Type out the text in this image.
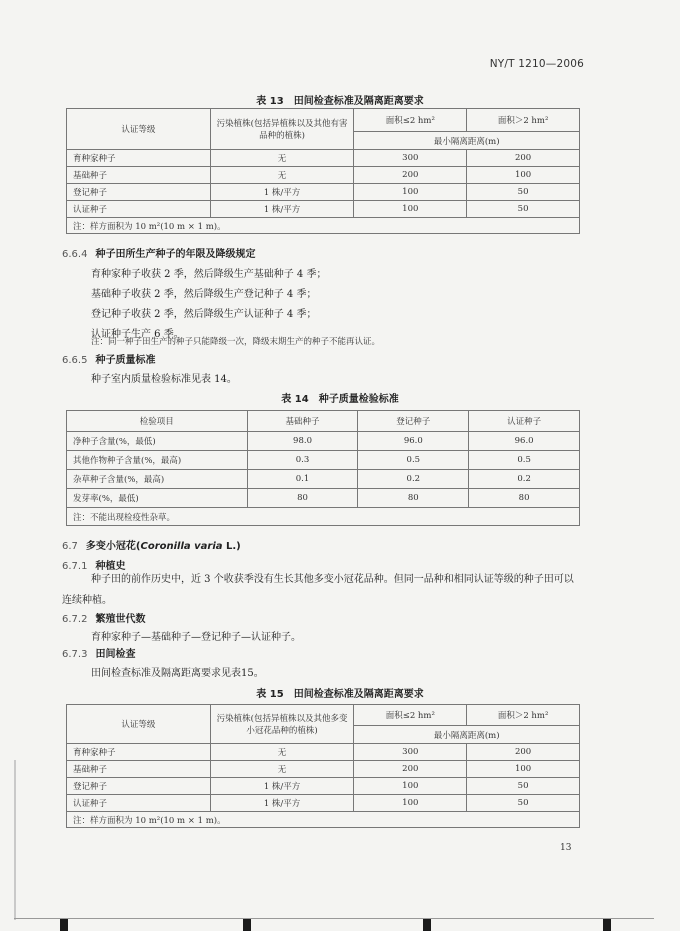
NY/T 1210—2006
表 13　田间检查标准及隔离距离要求
认证等级	污染植株(包括异植株以及其他有害品种的植株)	面积≤2 hm²	面积＞2 hm²
		最小隔离距离(m)	
育种家种子	无	300	200
基础种子	无	200	100
登记种子	1 株/平方	100	50
认证种子	1 株/平方	100	50
注：样方面积为 10 m²(10 m × 1 m)。			
6.6.4 种子田所生产种子的年限及降级规定
育种家种子收获 2 季，然后降级生产基础种子 4 季；
基础种子收获 2 季，然后降级生产登记种子 4 季；
登记种子收获 2 季，然后降级生产认证种子 4 季；
认证种子生产 6 季。
注：同一种子田生产的种子只能降级一次，降级末期生产的种子不能再认证。
6.6.5 种子质量标准
种子室内质量检验标准见表 14。
表 14　种子质量检验标准
检验项目	基础种子	登记种子	认证种子
净种子含量(%，最低)	98.0	96.0	96.0
其他作物种子含量(%，最高)	0.3	0.5	0.5
杂草种子含量(%，最高)	0.1	0.2	0.2
发芽率(%，最低)	80	80	80
注：不能出现检疫性杂草。			
6.7 多变小冠花(Coronilla varia L.)
6.7.1 种植史
种子田的前作历史中，近 3 个收获季没有生长其他多变小冠花品种。但同一品种和相同认证等级的种子田可以连续种植。
6.7.2 繁殖世代数
育种家种子—基础种子—登记种子—认证种子。
6.7.3 田间检查
田间检查标准及隔离距离要求见表15。
表 15　田间检查标准及隔离距离要求
认证等级	污染植株(包括异植株以及其他多变小冠花品种的植株)	面积≤2 hm²	面积＞2 hm²
		最小隔离距离(m)	
育种家种子	无	300	200
基础种子	无	200	100
登记种子	1 株/平方	100	50
认证种子	1 株/平方	100	50
注：样方面积为 10 m²(10 m × 1 m)。			
13
